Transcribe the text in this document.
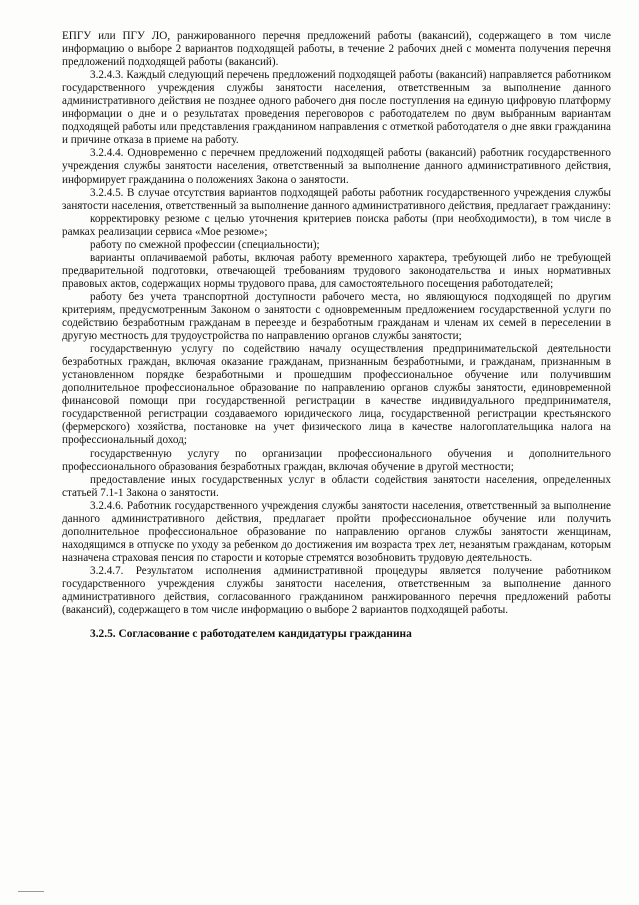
ЕПГУ или ПГУ ЛО, ранжированного перечня предложений работы (вакансий), содержащего в том числе информацию о выборе 2 вариантов подходящей работы, в течение 2 рабочих дней с момента получения перечня предложений подходящей работы (вакансий).

3.2.4.3. Каждый следующий перечень предложений подходящей работы (вакансий) направляется работником государственного учреждения службы занятости населения, ответственным за выполнение данного административного действия не позднее одного рабочего дня после поступления на единую цифровую платформу информации о дне и о результатах проведения переговоров с работодателем по двум выбранным вариантам подходящей работы или представления гражданином направления с отметкой работодателя о дне явки гражданина и причине отказа в приеме на работу.

3.2.4.4. Одновременно с перечнем предложений подходящей работы (вакансий) работник государственного учреждения службы занятости населения, ответственный за выполнение данного административного действия, информирует гражданина о положениях Закона о занятости.

3.2.4.5. В случае отсутствия вариантов подходящей работы работник государственного учреждения службы занятости населения, ответственный за выполнение данного административного действия, предлагает гражданину:

корректировку резюме с целью уточнения критериев поиска работы (при необходимости), в том числе в рамках реализации сервиса «Мое резюме»;

работу по смежной профессии (специальности);

варианты оплачиваемой работы, включая работу временного характера, требующей либо не требующей предварительной подготовки, отвечающей требованиям трудового законодательства и иных нормативных правовых актов, содержащих нормы трудового права, для самостоятельного посещения работодателей;

работу без учета транспортной доступности рабочего места, но являющуюся подходящей по другим критериям, предусмотренным Законом о занятости с одновременным предложением государственной услуги по содействию безработным гражданам в переезде и безработным гражданам и членам их семей в переселении в другую местность для трудоустройства по направлению органов службы занятости;

государственную услугу по содействию началу осуществления предпринимательской деятельности безработных граждан, включая оказание гражданам, признанным безработными, и гражданам, признанным в установленном порядке безработными и прошедшим профессиональное обучение или получившим дополнительное профессиональное образование по направлению органов службы занятости, единовременной финансовой помощи при государственной регистрации в качестве индивидуального предпринимателя, государственной регистрации создаваемого юридического лица, государственной регистрации крестьянского (фермерского) хозяйства, постановке на учет физического лица в качестве налогоплательщика налога на профессиональный доход;

государственную услугу по организации профессионального обучения и дополнительного профессионального образования безработных граждан, включая обучение в другой местности;

предоставление иных государственных услуг в области содействия занятости населения, определенных статьей 7.1-1 Закона о занятости.

3.2.4.6. Работник государственного учреждения службы занятости населения, ответственный за выполнение данного административного действия, предлагает пройти профессиональное обучение или получить дополнительное профессиональное образование по направлению органов службы занятости женщинам, находящимся в отпуске по уходу за ребенком до достижения им возраста трех лет, незанятым гражданам, которым назначена страховая пенсия по старости и которые стремятся возобновить трудовую деятельность.

3.2.4.7. Результатом исполнения административной процедуры является получение работником государственного учреждения службы занятости населения, ответственным за выполнение данного административного действия, согласованного гражданином ранжированного перечня предложений работы (вакансий), содержащего в том числе информацию о выборе 2 вариантов подходящей работы.

3.2.5. Согласование с работодателем кандидатуры гражданина
